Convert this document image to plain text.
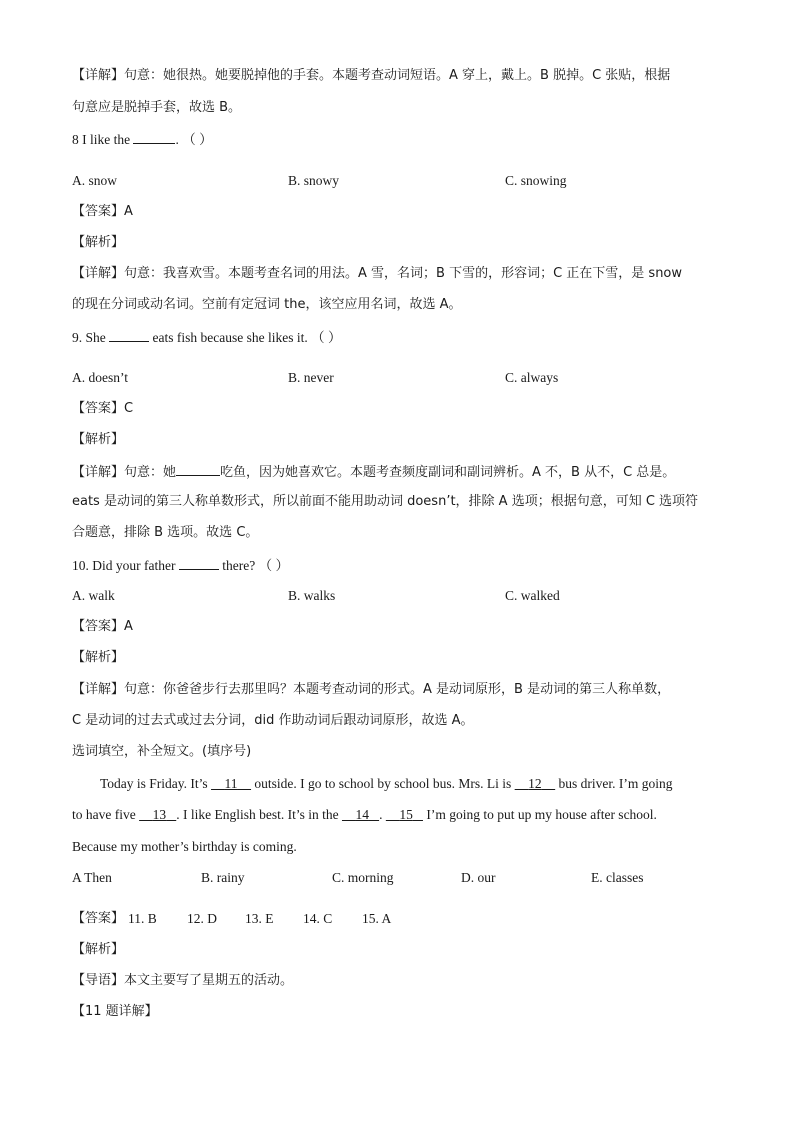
【详解】句意：她很热。她要脱掉他的手套。本题考查动词短语。A 穿上，戴上。B 脱掉。C 张贴，根据
句意应是脱掉手套，故选 B。
8 I like the	. （ ）
A. snow	B. snowy	C. snowing
【答案】A
【解析】
【详解】句意：我喜欢雪。本题考查名词的用法。A 雪，名词；B 下雪的，形容词；C 正在下雪，是 snow
的现在分词或动名词。空前有定冠词 the，该空应用名词，故选 A。
9. She	eats fish because she likes it. （ ）
A. doesn’t	B. never	C. always
【答案】C
【解析】
【详解】句意：她	吃鱼，因为她喜欢它。本题考查频度副词和副词辨析。A 不，B 从不，C 总是。
eats 是动词的第三人称单数形式，所以前面不能用助动词 doesn’t，排除 A 选项；根据句意，可知 C 选项符
合题意，排除 B 选项。故选 C。
10. Did your father	there? （ ）
A. walk	B. walks	C. walked
【答案】A
【解析】
【详解】句意：你爸爸步行去那里吗？本题考查动词的形式。A 是动词原形，B 是动词的第三人称单数，
C 是动词的过去式或过去分词，did 作助动词后跟动词原形，故选 A。
选词填空，补全短文。(填序号)
Today is Friday. It’s 11 outside. I go to school by school bus. Mrs. Li is 12 bus driver. I’m going
to have five 13 . I like English best. It’s in the 14 . 15 I’m going to put up my house after school.
Because my mother’s birthday is coming.
A Then	B. rainy	C. morning	D. our	E. classes
【答案】 11. B 12. D 13. E 14. C 15. A
【解析】
【导语】本文主要写了星期五的活动。
【11 题详解】
